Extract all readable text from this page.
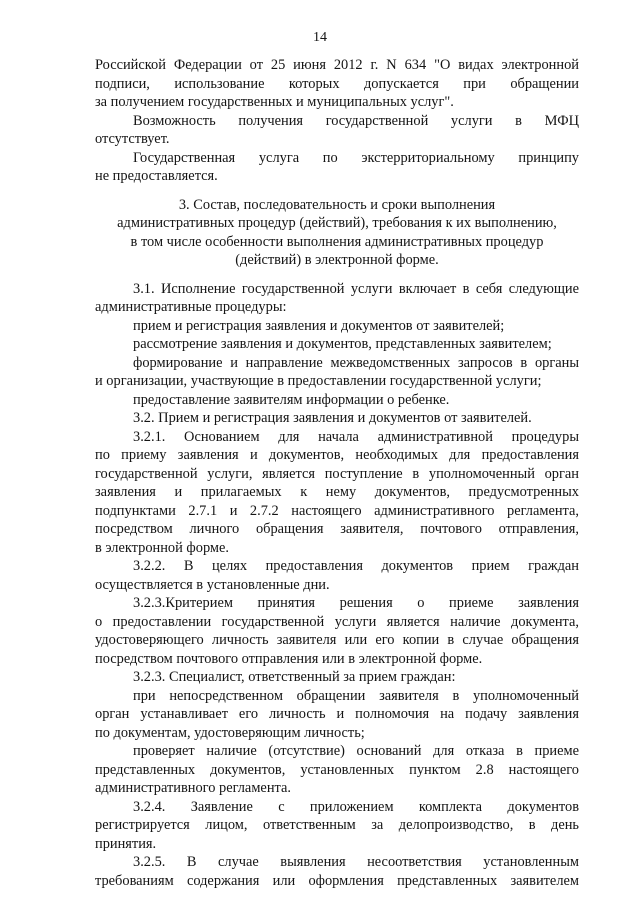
14
Российской Федерации от 25 июня 2012 г. N 634 "О видах электронной
подписи, использование которых допускается при обращении
за получением государственных и муниципальных услуг".
Возможность получения государственной услуги в МФЦ
отсутствует.
Государственная услуга по экстерриториальному принципу
не предоставляется.
3. Состав, последовательность и сроки выполнения
административных процедур (действий), требования к их выполнению,
в том числе особенности выполнения административных процедур
(действий) в электронной форме.
3.1. Исполнение государственной услуги включает в себя следующие
административные процедуры:
прием и регистрация заявления и документов от заявителей;
рассмотрение заявления и документов, представленных заявителем;
формирование и направление межведомственных запросов в органы
и организации, участвующие в предоставлении государственной услуги;
предоставление заявителям информации о ребенке.
3.2. Прием и регистрация заявления и документов от заявителей.
3.2.1. Основанием для начала административной процедуры
по приему заявления и документов, необходимых для предоставления
государственной услуги, является поступление в уполномоченный орган
заявления и прилагаемых к нему документов, предусмотренных
подпунктами 2.7.1 и 2.7.2 настоящего административного регламента,
посредством личного обращения заявителя, почтового отправления,
в электронной форме.
3.2.2. В целях предоставления документов прием граждан
осуществляется в установленные дни.
3.2.3.Критерием принятия решения о приеме заявления
о предоставлении государственной услуги является наличие документа,
удостоверяющего личность заявителя или его копии в случае обращения
посредством почтового отправления или в электронной форме.
3.2.3. Специалист, ответственный за прием граждан:
при непосредственном обращении заявителя в уполномоченный
орган устанавливает его личность и полномочия на подачу заявления
по документам, удостоверяющим личность;
проверяет наличие (отсутствие) оснований для отказа в приеме
представленных документов, установленных пунктом 2.8 настоящего
административного регламента.
3.2.4. Заявление с приложением комплекта документов
регистрируется лицом, ответственным за делопроизводство, в день
принятия.
3.2.5. В случае выявления несоответствия установленным
требованиям содержания или оформления представленных заявителем
